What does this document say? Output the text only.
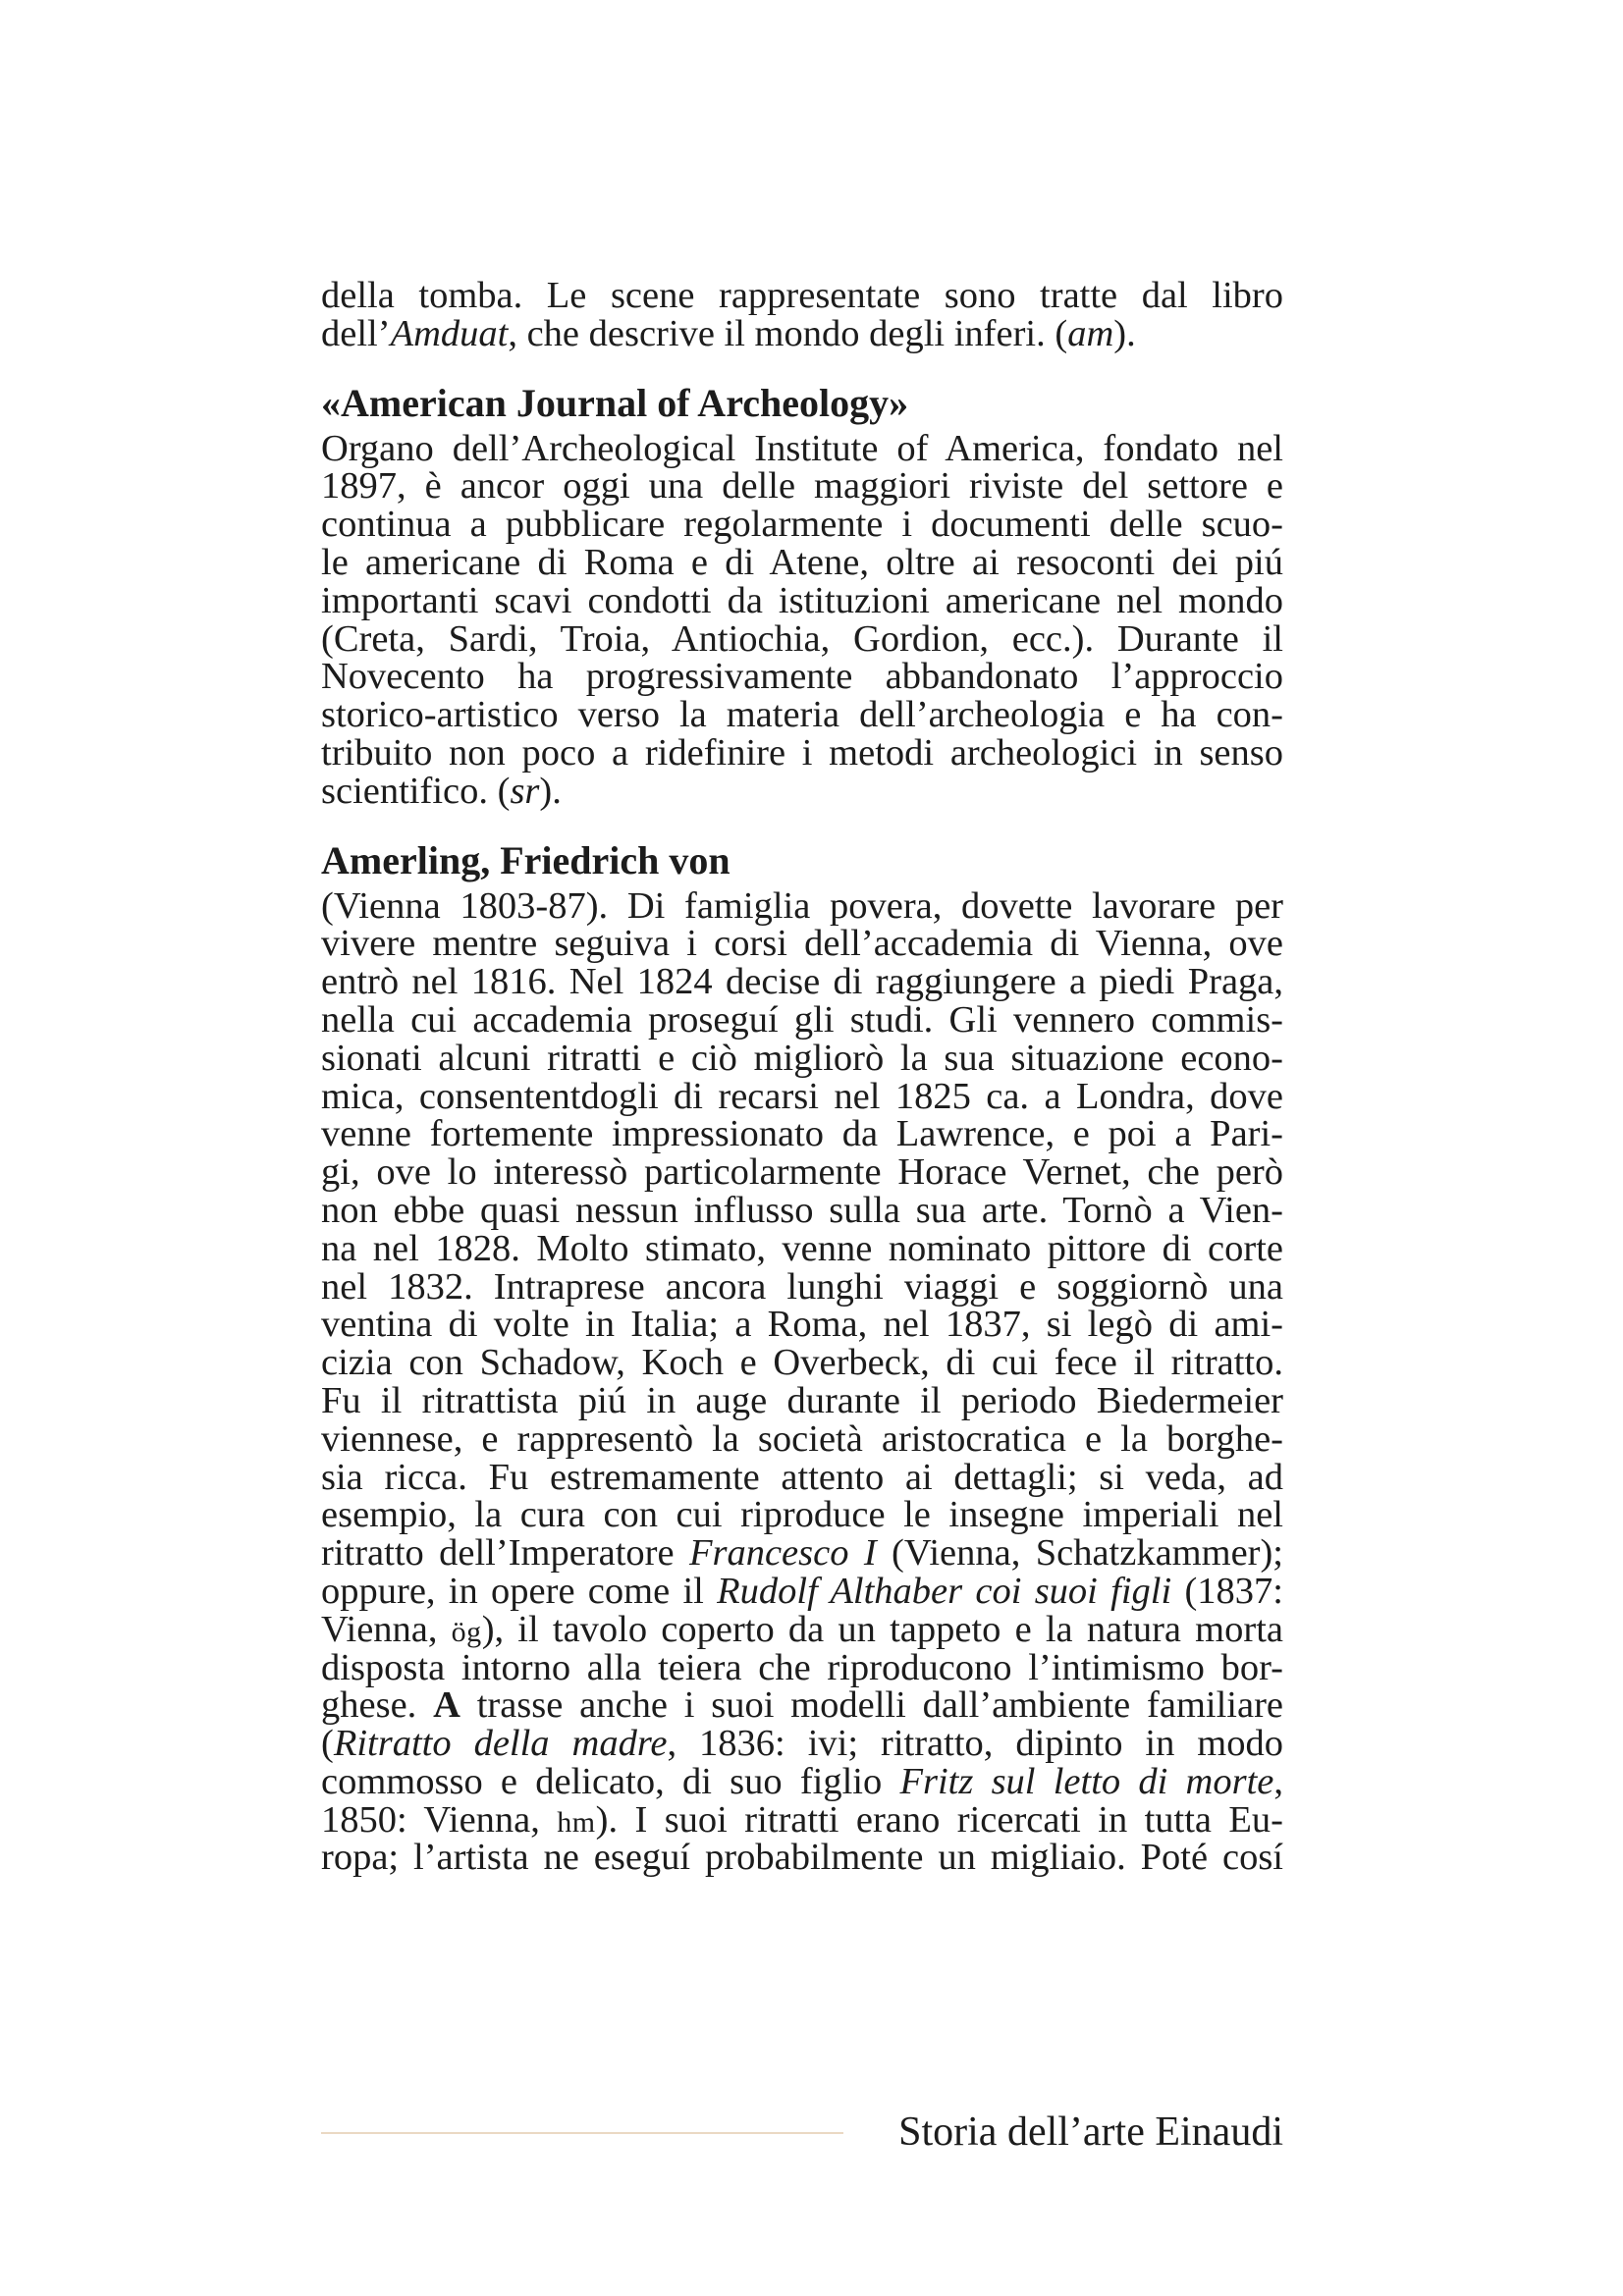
della tomba. Le scene rappresentate sono tratte dal libro
dell’Amduat, che descrive il mondo degli inferi. (am).
«American Journal of Archeology»
Organo dell’Archeological Institute of America, fondato nel
1897, è ancor oggi una delle maggiori riviste del settore e
continua a pubblicare regolarmente i documenti delle scuo-
le americane di Roma e di Atene, oltre ai resoconti dei piú
importanti scavi condotti da istituzioni americane nel mondo
(Creta, Sardi, Troia, Antiochia, Gordion, ecc.). Durante il
Novecento ha progressivamente abbandonato l’approccio
storico-artistico verso la materia dell’archeologia e ha con-
tribuito non poco a ridefinire i metodi archeologici in senso
scientifico. (sr).
Amerling, Friedrich von
(Vienna 1803-87). Di famiglia povera, dovette lavorare per
vivere mentre seguiva i corsi dell’accademia di Vienna, ove
entrò nel 1816. Nel 1824 decise di raggiungere a piedi Praga,
nella cui accademia proseguí gli studi. Gli vennero commis-
sionati alcuni ritratti e ciò migliorò la sua situazione econo-
mica, consententdogli di recarsi nel 1825 ca. a Londra, dove
venne fortemente impressionato da Lawrence, e poi a Pari-
gi, ove lo interessò particolarmente Horace Vernet, che però
non ebbe quasi nessun influsso sulla sua arte. Tornò a Vien-
na nel 1828. Molto stimato, venne nominato pittore di corte
nel 1832. Intraprese ancora lunghi viaggi e soggiornò una
ventina di volte in Italia; a Roma, nel 1837, si legò di ami-
cizia con Schadow, Koch e Overbeck, di cui fece il ritratto.
Fu il ritrattista piú in auge durante il periodo Biedermeier
viennese, e rappresentò la società aristocratica e la borghe-
sia ricca. Fu estremamente attento ai dettagli; si veda, ad
esempio, la cura con cui riproduce le insegne imperiali nel
ritratto dell’Imperatore Francesco I (Vienna, Schatzkammer);
oppure, in opere come il Rudolf Althaber coi suoi figli (1837:
Vienna, ög), il tavolo coperto da un tappeto e la natura morta
disposta intorno alla teiera che riproducono l’intimismo bor-
ghese. A trasse anche i suoi modelli dall’ambiente familiare
(Ritratto della madre, 1836: ivi; ritratto, dipinto in modo
commosso e delicato, di suo figlio Fritz sul letto di morte,
1850: Vienna, hm). I suoi ritratti erano ricercati in tutta Eu-
ropa; l’artista ne eseguí probabilmente un migliaio. Poté cosí
Storia dell’arte Einaudi
